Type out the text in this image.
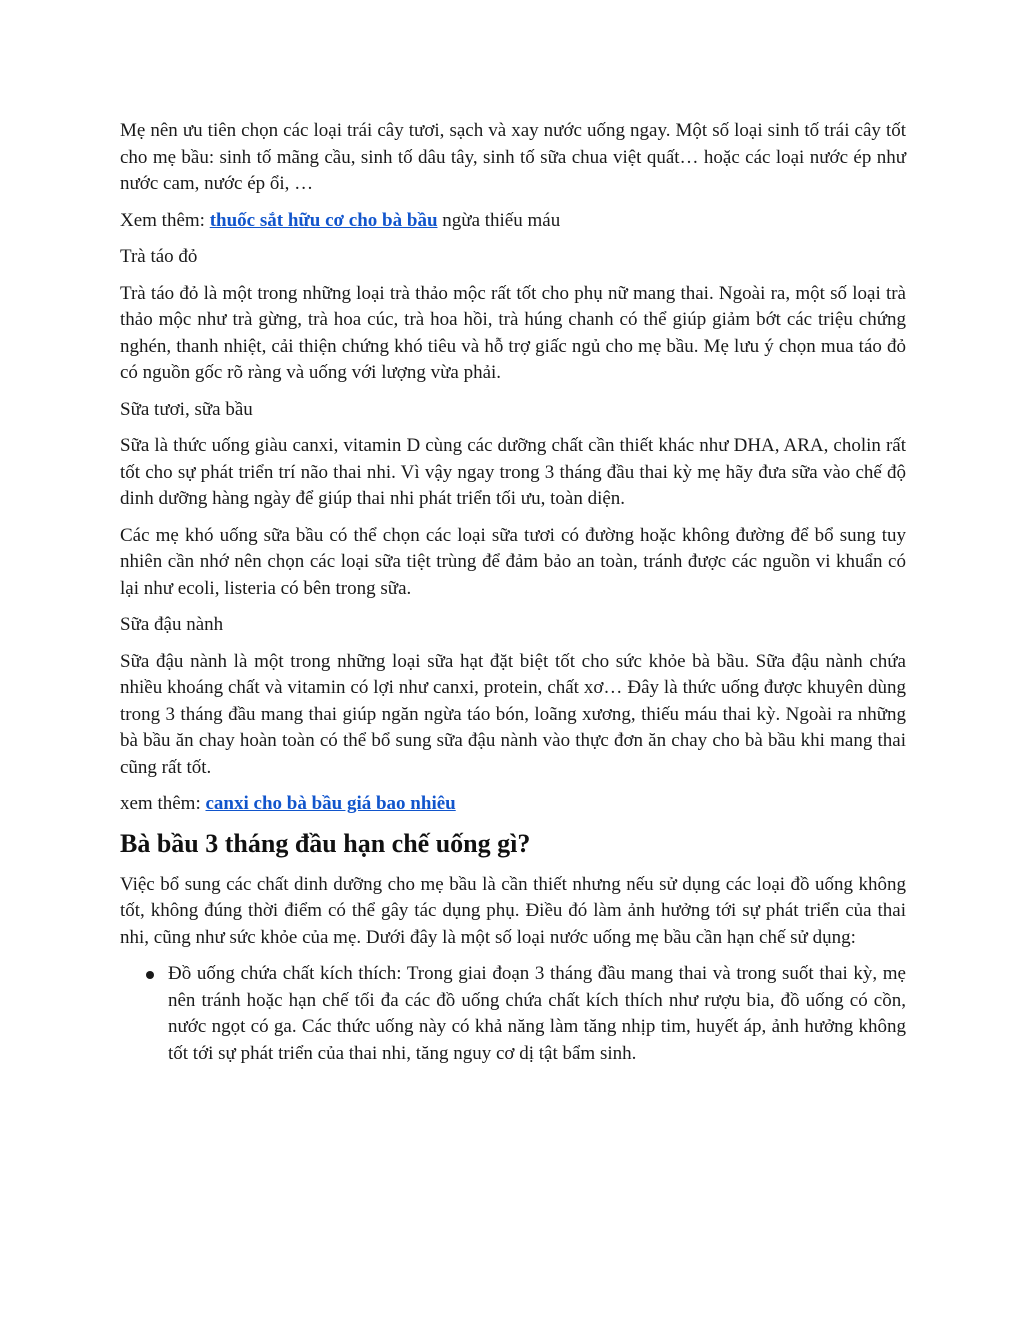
Mẹ nên ưu tiên chọn các loại trái cây tươi, sạch và xay nước uống ngay. Một số loại sinh tố trái cây tốt cho mẹ bầu: sinh tố mãng cầu, sinh tố dâu tây, sinh tố sữa chua việt quất… hoặc các loại nước ép như nước cam, nước ép ổi, …

Xem thêm: thuốc sắt hữu cơ cho bà bầu ngừa thiếu máu

Trà táo đỏ

Trà táo đỏ là một trong những loại trà thảo mộc rất tốt cho phụ nữ mang thai. Ngoài ra, một số loại trà thảo mộc như trà gừng, trà hoa cúc, trà hoa hồi, trà húng chanh có thể giúp giảm bớt các triệu chứng nghén, thanh nhiệt, cải thiện chứng khó tiêu và hỗ trợ giấc ngủ cho mẹ bầu. Mẹ lưu ý chọn mua táo đỏ có nguồn gốc rõ ràng và uống với lượng vừa phải.

Sữa tươi, sữa bầu

Sữa là thức uống giàu canxi, vitamin D cùng các dưỡng chất cần thiết khác như DHA, ARA, cholin rất tốt cho sự phát triển trí não thai nhi. Vì vậy ngay trong 3 tháng đầu thai kỳ mẹ hãy đưa sữa vào chế độ dinh dưỡng hàng ngày để giúp thai nhi phát triển tối ưu, toàn diện.

Các mẹ khó uống sữa bầu có thể chọn các loại sữa tươi có đường hoặc không đường để bổ sung tuy nhiên cần nhớ nên chọn các loại sữa tiệt trùng để đảm bảo an toàn, tránh được các nguồn vi khuẩn có lại như ecoli, listeria có bên trong sữa.

Sữa đậu nành

Sữa đậu nành là một trong những loại sữa hạt đặt biệt tốt cho sức khỏe bà bầu. Sữa đậu nành chứa nhiều khoáng chất và vitamin có lợi như canxi, protein, chất xơ… Đây là thức uống được khuyên dùng trong 3 tháng đầu mang thai giúp ngăn ngừa táo bón, loãng xương, thiếu máu thai kỳ. Ngoài ra những bà bầu ăn chay hoàn toàn có thể bổ sung sữa đậu nành vào thực đơn ăn chay cho bà bầu khi mang thai cũng rất tốt.

xem thêm: canxi cho bà bầu giá bao nhiêu

Bà bầu 3 tháng đầu hạn chế uống gì?

Việc bổ sung các chất dinh dưỡng cho mẹ bầu là cần thiết nhưng nếu sử dụng các loại đồ uống không tốt, không đúng thời điểm có thể gây tác dụng phụ. Điều đó làm ảnh hưởng tới sự phát triển của thai nhi, cũng như sức khỏe của mẹ. Dưới đây là một số loại nước uống mẹ bầu cần hạn chế sử dụng:

Đồ uống chứa chất kích thích: Trong giai đoạn 3 tháng đầu mang thai và trong suốt thai kỳ, mẹ nên tránh hoặc hạn chế tối đa các đồ uống chứa chất kích thích như rượu bia, đồ uống có cồn, nước ngọt có ga. Các thức uống này có khả năng làm tăng nhịp tim, huyết áp, ảnh hưởng không tốt tới sự phát triển của thai nhi, tăng nguy cơ dị tật bẩm sinh.
